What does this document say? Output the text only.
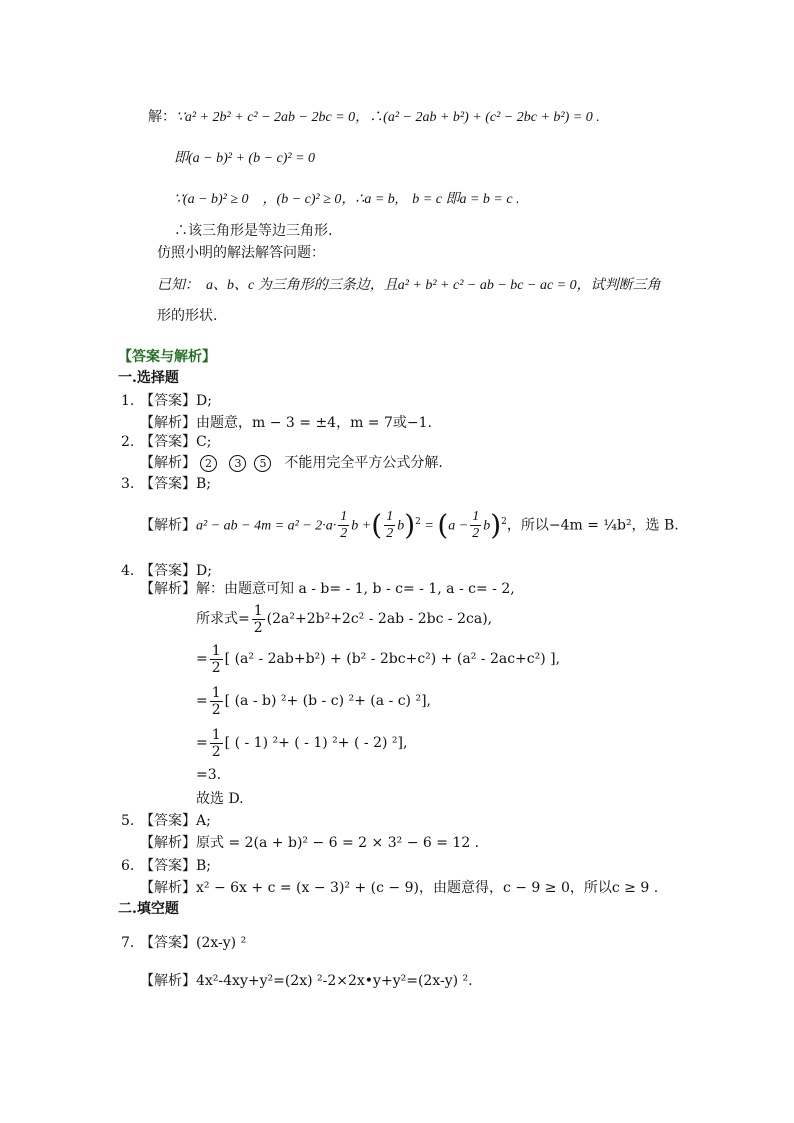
解：∵a² + 2b² + c² − 2ab − 2bc = 0，∴(a² − 2ab + b²) + (c² − 2bc + b²) = 0 .
即(a − b)² + (b − c)² = 0
∵(a − b)² ≥ 0　，(b − c)² ≥ 0，∴a = b,　b = c 即a = b = c .
∴该三角形是等边三角形.
仿照小明的解法解答问题：
已知：　a、b、c 为三角形的三条边，且a² + b² + c² − ab − bc − ac = 0，试判断三角
形的形状.
【答案与解析】
一.选择题
1. 【答案】D;
【解析】由题意，m − 3 = ±4，m = 7或−1.
2. 【答案】C;
【解析】 2 3 5 不能用完全平方公式分解.
3. 【答案】B;
【解析】a² − ab − $4m = a^2 - 2\cdot a\cdot \frac{1}{2}$ b +( $\frac{1}{2} b)^2 = (a - \frac{1}{2} b)^2$，所以−4m = ¼b²，选 B.
4. 【答案】D;
【解析】解：由题意可知 a - b= - 1, b - c= - 1, a - c= - 2,
所求式= $\frac{1}{2} (2a^2+2b^2+2c^2 - 2ab - 2bc - 2ca)$,
= $\frac{1}{2}$ [ (a² - 2ab+b²) + (b² - 2bc+c²) + (a² - 2ac+c²) ],
= $\frac{1}{2}$ [ (a - b) ²+ (b - c) ²+ (a - c) ²],
= $\frac{1}{2}$ [ ( - 1) ²+ ( - 1) ²+ ( - 2) ²],
=3.
故选 D.
5. 【答案】A;
【解析】原式 = 2(a + b)² − 6 = 2 × 3² − 6 = 12 .
6. 【答案】B;
【解析】x² − 6x + c = (x − 3)² + (c − 9)，由题意得，c − 9 ≥ 0，所以c ≥ 9 .
二.填空题
7. 【答案】(2x-y) ²
【解析】4x²-4xy+y²=(2x) ²-2×2x•y+y²=(2x-y) ².
